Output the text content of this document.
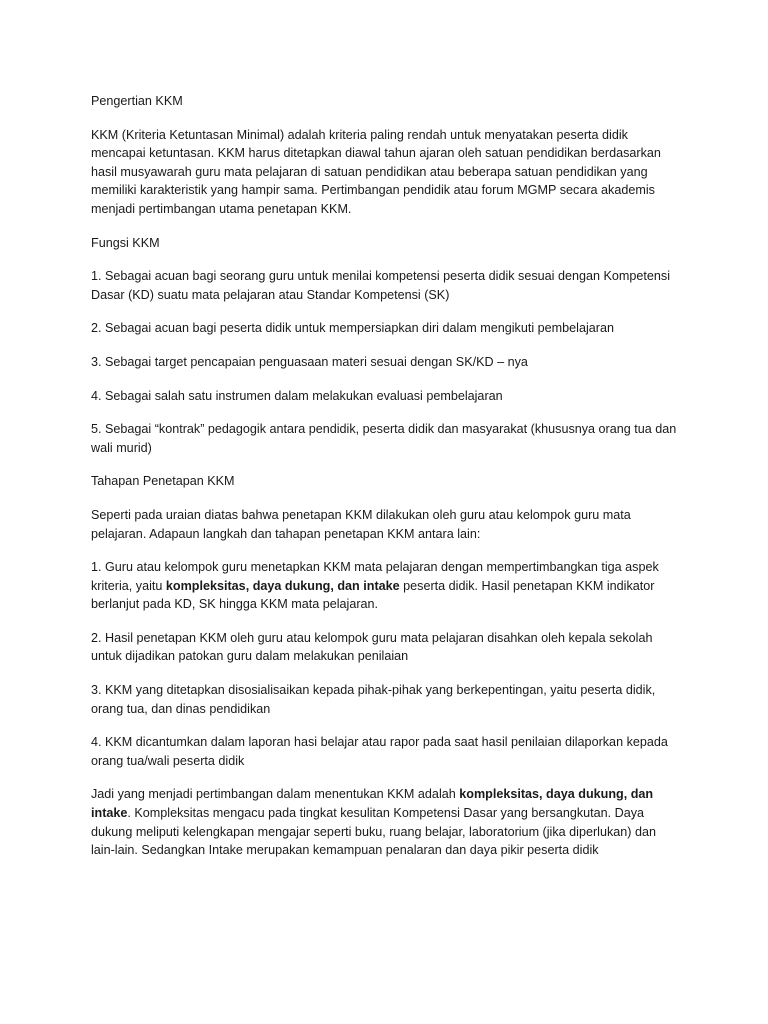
Pengertian KKM

KKM (Kriteria Ketuntasan Minimal) adalah kriteria paling rendah untuk menyatakan peserta didik mencapai ketuntasan. KKM harus ditetapkan diawal tahun ajaran oleh satuan pendidikan berdasarkan hasil musyawarah guru mata pelajaran di satuan pendidikan atau beberapa satuan pendidikan yang memiliki karakteristik yang hampir sama. Pertimbangan pendidik atau forum MGMP secara akademis menjadi pertimbangan utama penetapan KKM.

Fungsi KKM

1. Sebagai acuan bagi seorang guru untuk menilai kompetensi peserta didik sesuai dengan Kompetensi Dasar (KD) suatu mata pelajaran atau Standar Kompetensi (SK)

2. Sebagai acuan bagi peserta didik untuk mempersiapkan diri dalam mengikuti pembelajaran

3. Sebagai target pencapaian penguasaan materi sesuai dengan SK/KD – nya

4. Sebagai salah satu instrumen dalam melakukan evaluasi pembelajaran

5. Sebagai “kontrak” pedagogik antara pendidik, peserta didik dan masyarakat (khususnya orang tua dan wali murid)

Tahapan Penetapan KKM

Seperti pada uraian diatas bahwa penetapan KKM dilakukan oleh guru atau kelompok guru mata pelajaran. Adapaun langkah dan tahapan penetapan KKM antara lain:

1. Guru atau kelompok guru menetapkan KKM mata pelajaran dengan mempertimbangkan tiga aspek kriteria, yaitu kompleksitas, daya dukung, dan intake peserta didik. Hasil penetapan KKM indikator berlanjut pada KD, SK hingga KKM mata pelajaran.

2. Hasil penetapan KKM oleh guru atau kelompok guru mata pelajaran disahkan oleh kepala sekolah untuk dijadikan patokan guru dalam melakukan penilaian

3. KKM yang ditetapkan disosialisaikan kepada pihak-pihak yang berkepentingan, yaitu peserta didik, orang tua, dan dinas pendidikan

4. KKM dicantumkan dalam laporan hasi belajar atau rapor pada saat hasil penilaian dilaporkan kepada orang tua/wali peserta didik

Jadi yang menjadi pertimbangan dalam menentukan KKM adalah kompleksitas, daya dukung, dan intake. Kompleksitas mengacu pada tingkat kesulitan Kompetensi Dasar yang bersangkutan. Daya dukung meliputi kelengkapan mengajar seperti buku, ruang belajar, laboratorium (jika diperlukan) dan lain-lain. Sedangkan Intake merupakan kemampuan penalaran dan daya pikir peserta didik
